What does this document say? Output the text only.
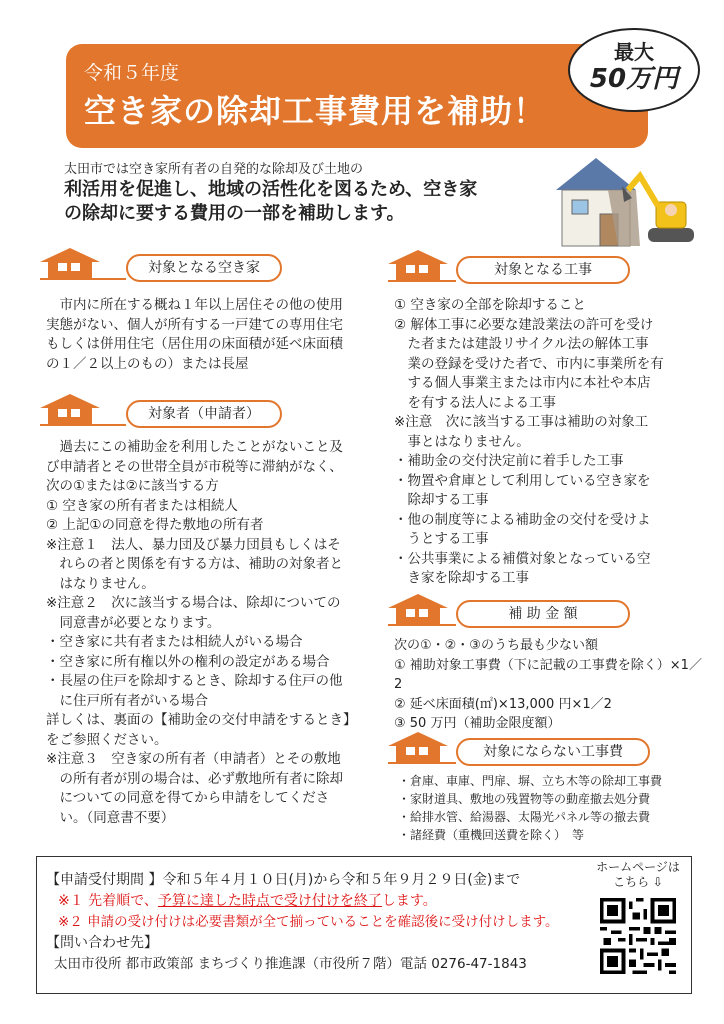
令和５年度
空き家の除却工事費用を補助！
最大
50万円
太田市では空き家所有者の自発的な除却及び土地の
利活用を促進し、地域の活性化を図るため、空き家
の除却に要する費用の一部を補助します。
対象となる空き家

市内に所在する概ね１年以上居住その他の使用

実態がない、個人が所有する一戸建ての専用住宅

もしくは併用住宅（居住用の床面積が延べ床面積

の１／２以上のもの）または長屋

対象者（申請者）

過去にこの補助金を利用したことがないこと及

び申請者とその世帯全員が市税等に滞納がなく、

次の①または②に該当する方

① 空き家の所有者または相続人

② 上記①の同意を得た敷地の所有者

※注意１　法人、暴力団及び暴力団員もしくはそ

　れらの者と関係を有する方は、補助の対象者と

　はなりません。

※注意２　次に該当する場合は、除却についての

　同意書が必要となります。

・空き家に共有者または相続人がいる場合

・空き家に所有権以外の権利の設定がある場合

・長屋の住戸を除却するとき、除却する住戸の他

　に住戸所有者がいる場合

詳しくは、裏面の【補助金の交付申請をするとき】

をご参照ください。

※注意３　空き家の所有者（申請者）とその敷地

　の所有者が別の場合は、必ず敷地所有者に除却

　についての同意を得てから申請をしてくださ

　い。（同意書不要）

対象となる工事

① 空き家の全部を除却すること

② 解体工事に必要な建設業法の許可を受け

　た者または建設リサイクル法の解体工事

　業の登録を受けた者で、市内に事業所を有

　する個人事業主または市内に本社や本店

　を有する法人による工事

※注意　次に該当する工事は補助の対象工

　事とはなりません。

・補助金の交付決定前に着手した工事

・物置や倉庫として利用している空き家を

　除却する工事

・他の制度等による補助金の交付を受けよ

　うとする工事

・公共事業による補償対象となっている空

　き家を除却する工事

補 助 金 額

次の①・②・③のうち最も少ない額

① 補助対象工事費（下に記載の工事費を除く）×1／2

② 延べ床面積(㎡)×13,000 円×1／2

③ 50 万円（補助金限度額）

対象にならない工事費

・倉庫、車庫、門扉、塀、立ち木等の除却工事費

・家財道具、敷地の残置物等の動産撤去処分費

・給排水管、給湯器、太陽光パネル等の撤去費

・諸経費（重機回送費を除く）　等

【申請受付期間 】令和５年４月１０日(月)から令和５年９月２９日(金)まで
※１ 先着順で、予算に達した時点で受け付けを終了します。
※２ 申請の受け付けは必要書類が全て揃っていることを確認後に受け付けします。
【問い合わせ先】
太田市役所 都市政策部 まちづくり推進課（市役所７階）電話 0276-47-1843
ホームページは
こちら ⇩
